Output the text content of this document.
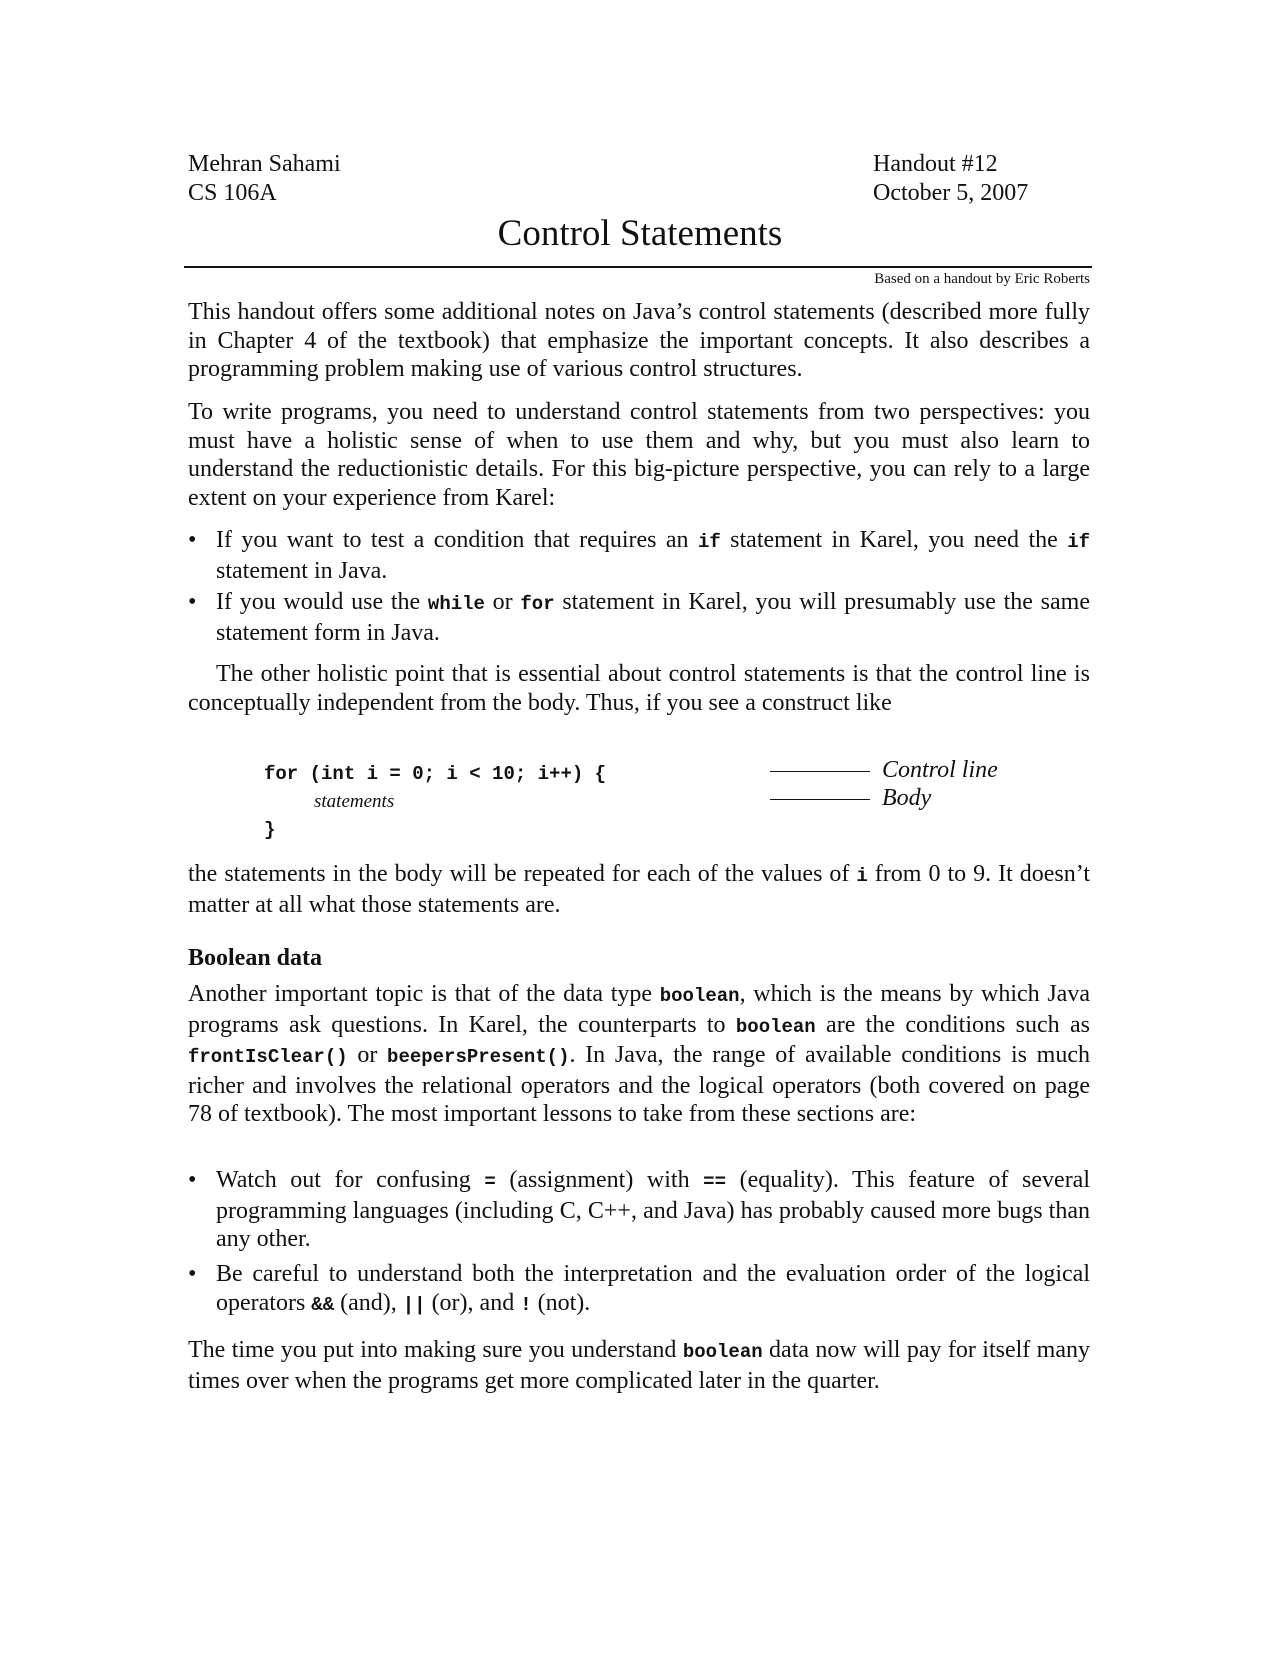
Mehran Sahami
CS 106A
Handout #12
October 5, 2007
Control Statements
Based on a handout by Eric Roberts

This handout offers some additional notes on Java’s control statements (described more fully in Chapter 4 of the textbook) that emphasize the important concepts. It also describes a programming problem making use of various control structures.

To write programs, you need to understand control statements from two perspectives: you must have a holistic sense of when to use them and why, but you must also learn to understand the reductionistic details. For this big-picture perspective, you can rely to a large extent on your experience from Karel:

• If you want to test a condition that requires an if statement in Karel, you need the if statement in Java.
• If you would use the while or for statement in Karel, you will presumably use the same statement form in Java.

The other holistic point that is essential about control statements is that the control line is conceptually independent from the body. Thus, if you see a construct like

for (int i = 0; i < 10; i++) {
statements
}
Control line
Body

the statements in the body will be repeated for each of the values of i from 0 to 9. It doesn’t matter at all what those statements are.

Boolean data

Another important topic is that of the data type boolean, which is the means by which Java programs ask questions. In Karel, the counterparts to boolean are the conditions such as frontIsClear() or beepersPresent(). In Java, the range of available conditions is much richer and involves the relational operators and the logical operators (both covered on page 78 of textbook). The most important lessons to take from these sections are:

• Watch out for confusing = (assignment) with == (equality). This feature of several programming languages (including C, C++, and Java) has probably caused more bugs than any other.
• Be careful to understand both the interpretation and the evaluation order of the logical operators && (and), || (or), and ! (not).

The time you put into making sure you understand boolean data now will pay for itself many times over when the programs get more complicated later in the quarter.
